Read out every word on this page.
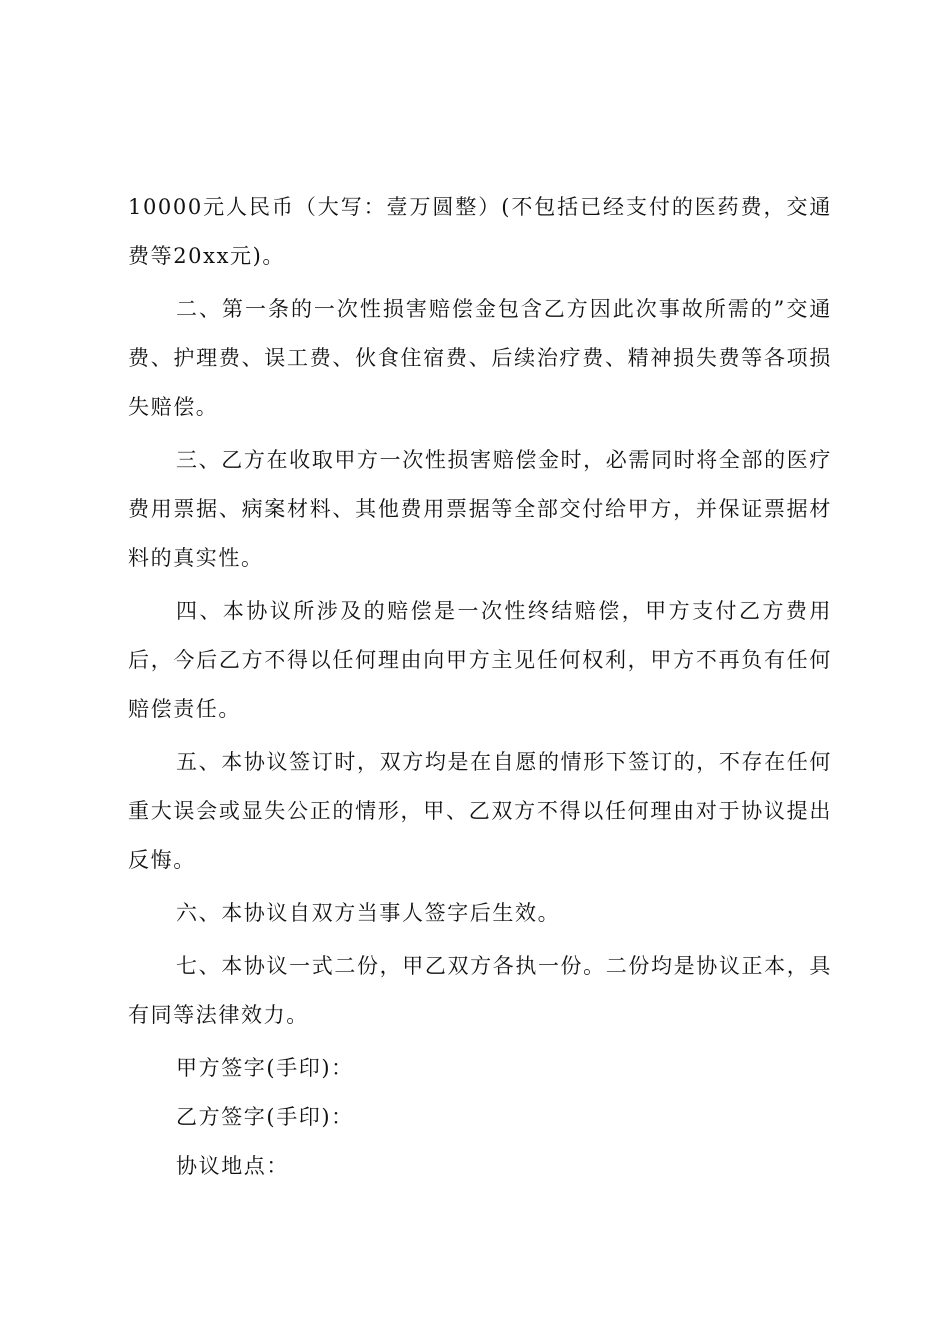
10000元人民币（大写：壹万圆整）(不包括已经支付的医药费，交通费等20xx元)。

二、第一条的一次性损害赔偿金包含乙方因此次事故所需的”交通费、护理费、误工费、伙食住宿费、后续治疗费、精神损失费等各项损失赔偿。

三、乙方在收取甲方一次性损害赔偿金时，必需同时将全部的医疗费用票据、病案材料、其他费用票据等全部交付给甲方，并保证票据材料的真实性。

四、本协议所涉及的赔偿是一次性终结赔偿，甲方支付乙方费用后，今后乙方不得以任何理由向甲方主见任何权利，甲方不再负有任何赔偿责任。

五、本协议签订时，双方均是在自愿的情形下签订的，不存在任何重大误会或显失公正的情形，甲、乙双方不得以任何理由对于协议提出反悔。

六、本协议自双方当事人签字后生效。

七、本协议一式二份，甲乙双方各执一份。二份均是协议正本，具有同等法律效力。

甲方签字(手印)：

乙方签字(手印)：

协议地点：
